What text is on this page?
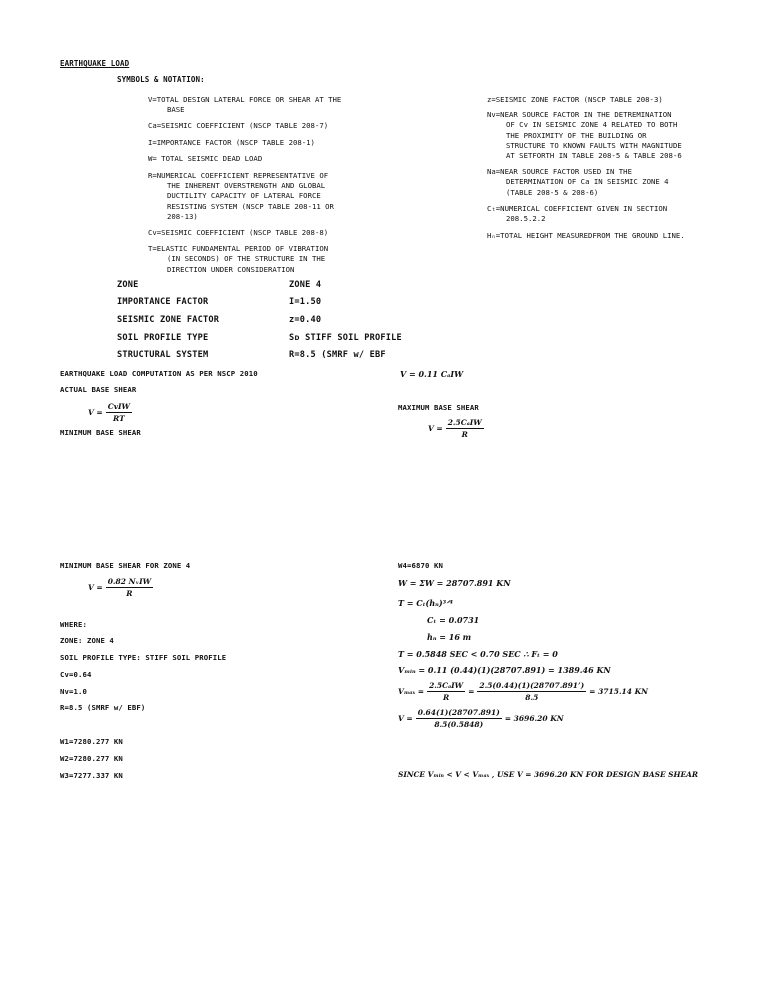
EARTHQUAKE LOAD
SYMBOLS & NOTATION:
V=TOTAL DESIGN LATERAL FORCE OR SHEAR AT THE
BASE
Ca=SEISMIC COEFFICIENT (NSCP TABLE 208-7)
I=IMPORTANCE FACTOR (NSCP TABLE 208-1)
W= TOTAL SEISMIC DEAD LOAD
R=NUMERICAL COEFFICIENT REPRESENTATIVE OF
THE INHERENT OVERSTRENGTH AND GLOBAL
DUCTILITY CAPACITY OF LATERAL FORCE
RESISTING SYSTEM (NSCP TABLE 208-11 OR
208-13)
Cv=SEISMIC COEFFICIENT (NSCP TABLE 208-8)
T=ELASTIC FUNDAMENTAL PERIOD OF VIBRATION
(IN SECONDS) OF THE STRUCTURE IN THE
DIRECTION UNDER CONSIDERATION
z=SEISMIC ZONE FACTOR (NSCP TABLE 208-3)
Nv=NEAR SOURCE FACTOR IN THE DETREMINATION
OF Cv IN SEISMIC ZONE 4 RELATED TO BOTH
THE PROXIMITY OF THE BUILDING OR
STRUCTURE TO KNOWN FAULTS WITH MAGNITUDE
AT SETFORTH IN TABLE 208-5 & TABLE 208-6
Na=NEAR SOURCE FACTOR USED IN THE
DETERMINATION OF Ca IN SEISMIC ZONE 4
(TABLE 208-5 & 208-6)
Cₜ=NUMERICAL COEFFICIENT GIVEN IN SECTION
208.5.2.2
Hₙ=TOTAL HEIGHT MEASUREDFROM THE GROUND LINE.
ZONE	ZONE 4
IMPORTANCE FACTOR	I=1.50
SEISMIC ZONE FACTOR	z=0.40
SOIL PROFILE TYPE	Sᴅ STIFF SOIL PROFILE
STRUCTURAL SYSTEM	R=8.5 (SMRF w/ EBF
EARTHQUAKE LOAD COMPUTATION AS PER NSCP 2010
ACTUAL BASE SHEAR
$V = \frac{\text{CvIW}}{RT}$
MINIMUM BASE SHEAR
V = 0.11 CₐIW
MAXIMUM BASE SHEAR
$V = \frac{\text{2.5CₐIW}}{R}$
MINIMUM BASE SHEAR FOR ZONE 4
$V = \frac{\text{0.82 NᵥIW}}{R}$
WHERE:
ZONE: ZONE 4
SOIL PROFILE TYPE: STIFF SOIL PROFILE
Cv=0.64
Nv=1.0
R=8.5 (SMRF w/ EBF)
W1=7280.277 KN
W2=7280.277 KN
W3=7277.337 KN
W4=6870 KN
W = ΣW = 28707.891 KN
T = Cₜ(hₙ)³ᐟ⁴
Cₜ = 0.0731
hₙ = 16 m
T = 0.5848 SEC < 0.70 SEC ∴ Fₜ = 0
Vₘᵢₙ = 0.11 (0.44)(1)(28707.891) = 1389.46 KN
$V_{max} = \frac{\text{2.5CₐIW}}{R} = \frac{2.5(0.44)(1)(28707.891’)}{8.5} = 3715.14$ KN
$V = \frac{0.64(1)(28707.891)}{8.5(0.5848)} = 3696.20$ KN
SINCE Vₘᵢₙ < V < Vₘₐₓ , USE V = 3696.20 KN FOR DESIGN BASE SHEAR
